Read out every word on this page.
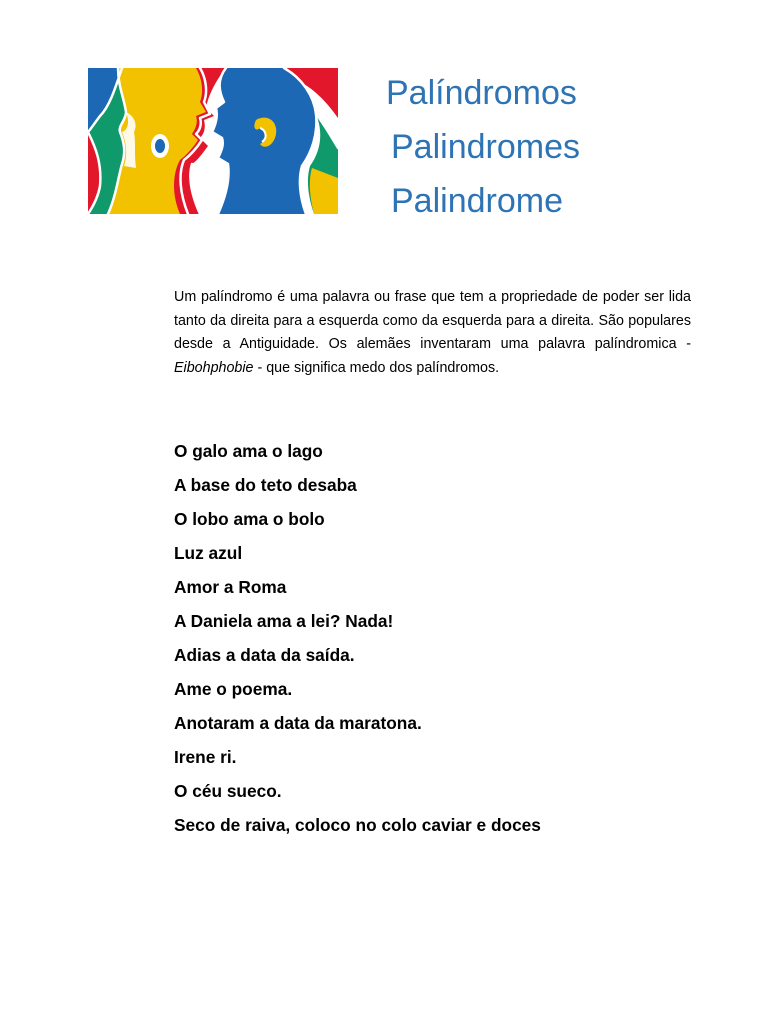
Palíndromos
Palindromes
Palindrome

Um palíndromo é uma palavra ou frase que tem a propriedade de poder ser lida tanto da direita para a esquerda como da esquerda para a direita. São populares desde a Antiguidade. Os alemães inventaram uma palavra palíndromica - Eibohphobie - que significa medo dos palíndromos.

O galo ama o lago
A base do teto desaba
O lobo ama o bolo
Luz azul
Amor a Roma
A Daniela ama a lei? Nada!
Adias a data da saída.
Ame o poema.
Anotaram a data da maratona.
Irene ri.
O céu sueco.
Seco de raiva, coloco no colo caviar e doces
